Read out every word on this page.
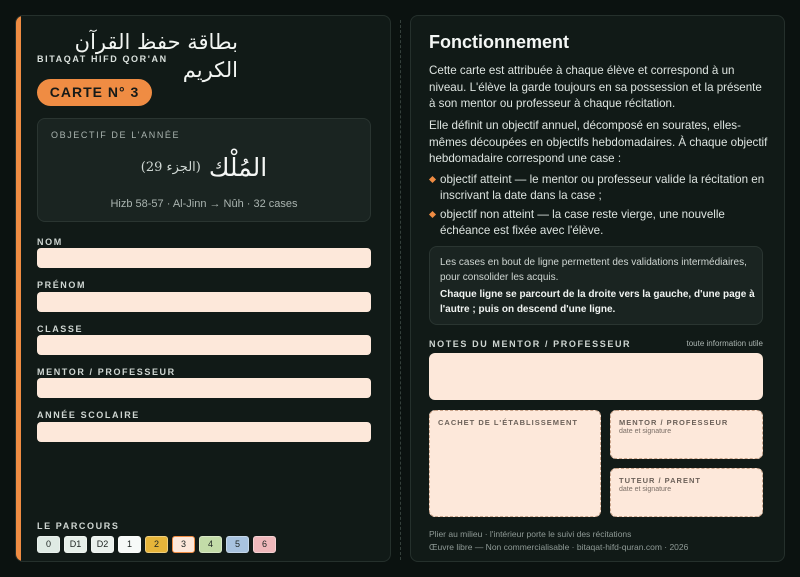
بطاقة حفظ القرآن الكريم
BITAQAT HIFD QOR'AN
CARTE N° 3
OBJECTIF DE L'ANNÉE
المُلْك
(الجزء 29)
Hizb 58-57 · Al-Jinn → Nûh · 32 cases
NOM
PRÉNOM
CLASSE
MENTOR / PROFESSEUR
ANNÉE SCOLAIRE
LE PARCOURS
0	D1	D2	1	2	3	4	5	6
Fonctionnement
Cette carte est attribuée à chaque élève et correspond à un niveau. L'élève la garde toujours en sa possession et la présente à son mentor ou professeur à chaque récitation.
Elle définit un objectif annuel, décomposé en sourates, elles-mêmes découpées en objectifs hebdomadaires. À chaque objectif hebdomadaire correspond une case :
objectif atteint — le mentor ou professeur valide la récitation en inscrivant la date dans la case ;
objectif non atteint — la case reste vierge, une nouvelle échéance est fixée avec l'élève.
Les cases en bout de ligne permettent des validations intermédiaires, pour consolider les acquis.
Chaque ligne se parcourt de la droite vers la gauche, d'une page à l'autre ; puis on descend d'une ligne.
NOTES DU MENTOR / PROFESSEUR	toute information utile
CACHET DE L'ÉTABLISSEMENT	MENTOR / PROFESSEUR
date et signature
TUTEUR / PARENT
date et signature
Plier au milieu · l'intérieur porte le suivi des récitations
Œuvre libre — Non commercialisable · bitaqat-hifd-quran.com · 2026
